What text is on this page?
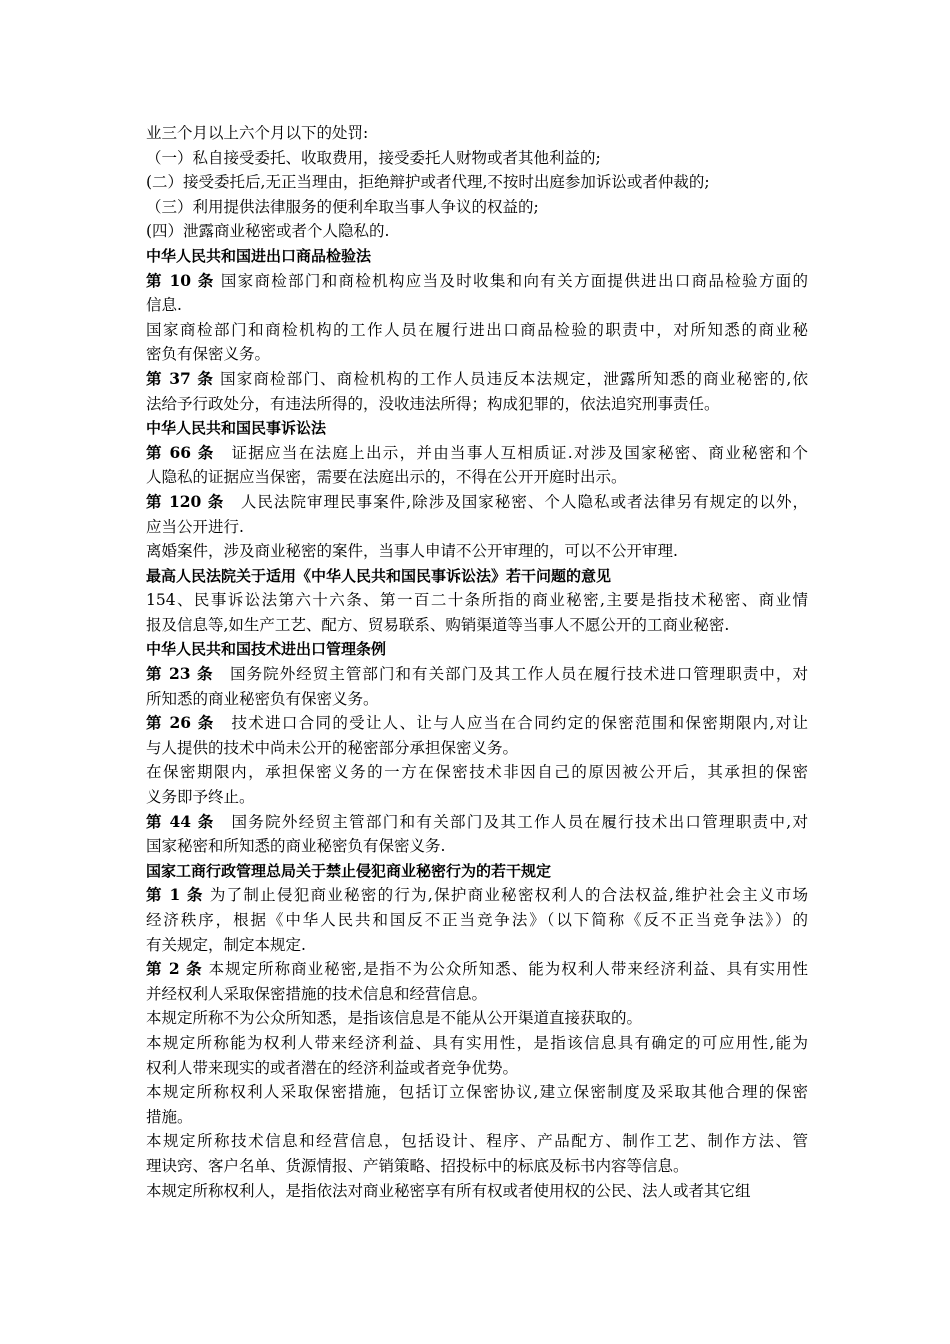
业三个月以上六个月以下的处罚:
（一）私自接受委托、收取费用，接受委托人财物或者其他利益的;
(二）接受委托后,无正当理由，拒绝辩护或者代理,不按时出庭参加诉讼或者仲裁的;
（三）利用提供法律服务的便利牟取当事人争议的权益的;
(四）泄露商业秘密或者个人隐私的.
中华人民共和国进出口商品检验法
第 10 条 国家商检部门和商检机构应当及时收集和向有关方面提供进出口商品检验方面的
信息.
国家商检部门和商检机构的工作人员在履行进出口商品检验的职责中，对所知悉的商业秘
密负有保密义务。
第 37 条 国家商检部门、商检机构的工作人员违反本法规定，泄露所知悉的商业秘密的,依
法给予行政处分，有违法所得的，没收违法所得；构成犯罪的，依法追究刑事责任。
中华人民共和国民事诉讼法
第 66 条　证据应当在法庭上出示，并由当事人互相质证.对涉及国家秘密、商业秘密和个
人隐私的证据应当保密，需要在法庭出示的，不得在公开开庭时出示。
第 120 条　人民法院审理民事案件,除涉及国家秘密、个人隐私或者法律另有规定的以外，
应当公开进行.
离婚案件，涉及商业秘密的案件，当事人申请不公开审理的，可以不公开审理.
最高人民法院关于适用《中华人民共和国民事诉讼法》若干问题的意见
154、民事诉讼法第六十六条、第一百二十条所指的商业秘密,主要是指技术秘密、商业情
报及信息等,如生产工艺、配方、贸易联系、购销渠道等当事人不愿公开的工商业秘密.
中华人民共和国技术进出口管理条例
第 23 条　国务院外经贸主管部门和有关部门及其工作人员在履行技术进口管理职责中，对
所知悉的商业秘密负有保密义务。
第 26 条　技术进口合同的受让人、让与人应当在合同约定的保密范围和保密期限内,对让
与人提供的技术中尚未公开的秘密部分承担保密义务。
在保密期限内，承担保密义务的一方在保密技术非因自己的原因被公开后，其承担的保密
义务即予终止。
第 44 条　国务院外经贸主管部门和有关部门及其工作人员在履行技术出口管理职责中,对
国家秘密和所知悉的商业秘密负有保密义务.
国家工商行政管理总局关于禁止侵犯商业秘密行为的若干规定
第 1 条 为了制止侵犯商业秘密的行为,保护商业秘密权利人的合法权益,维护社会主义市场
经济秩序，根据《中华人民共和国反不正当竞争法》（以下简称《反不正当竞争法》）的
有关规定，制定本规定.
第 2 条 本规定所称商业秘密,是指不为公众所知悉、能为权利人带来经济利益、具有实用性
并经权利人采取保密措施的技术信息和经营信息。
本规定所称不为公众所知悉，是指该信息是不能从公开渠道直接获取的。
本规定所称能为权利人带来经济利益、具有实用性，是指该信息具有确定的可应用性,能为
权利人带来现实的或者潜在的经济利益或者竞争优势。
本规定所称权利人采取保密措施，包括订立保密协议,建立保密制度及采取其他合理的保密
措施。
本规定所称技术信息和经营信息，包括设计、程序、产品配方、制作工艺、制作方法、管
理诀窍、客户名单、货源情报、产销策略、招投标中的标底及标书内容等信息。
本规定所称权利人，是指依法对商业秘密享有所有权或者使用权的公民、法人或者其它组
